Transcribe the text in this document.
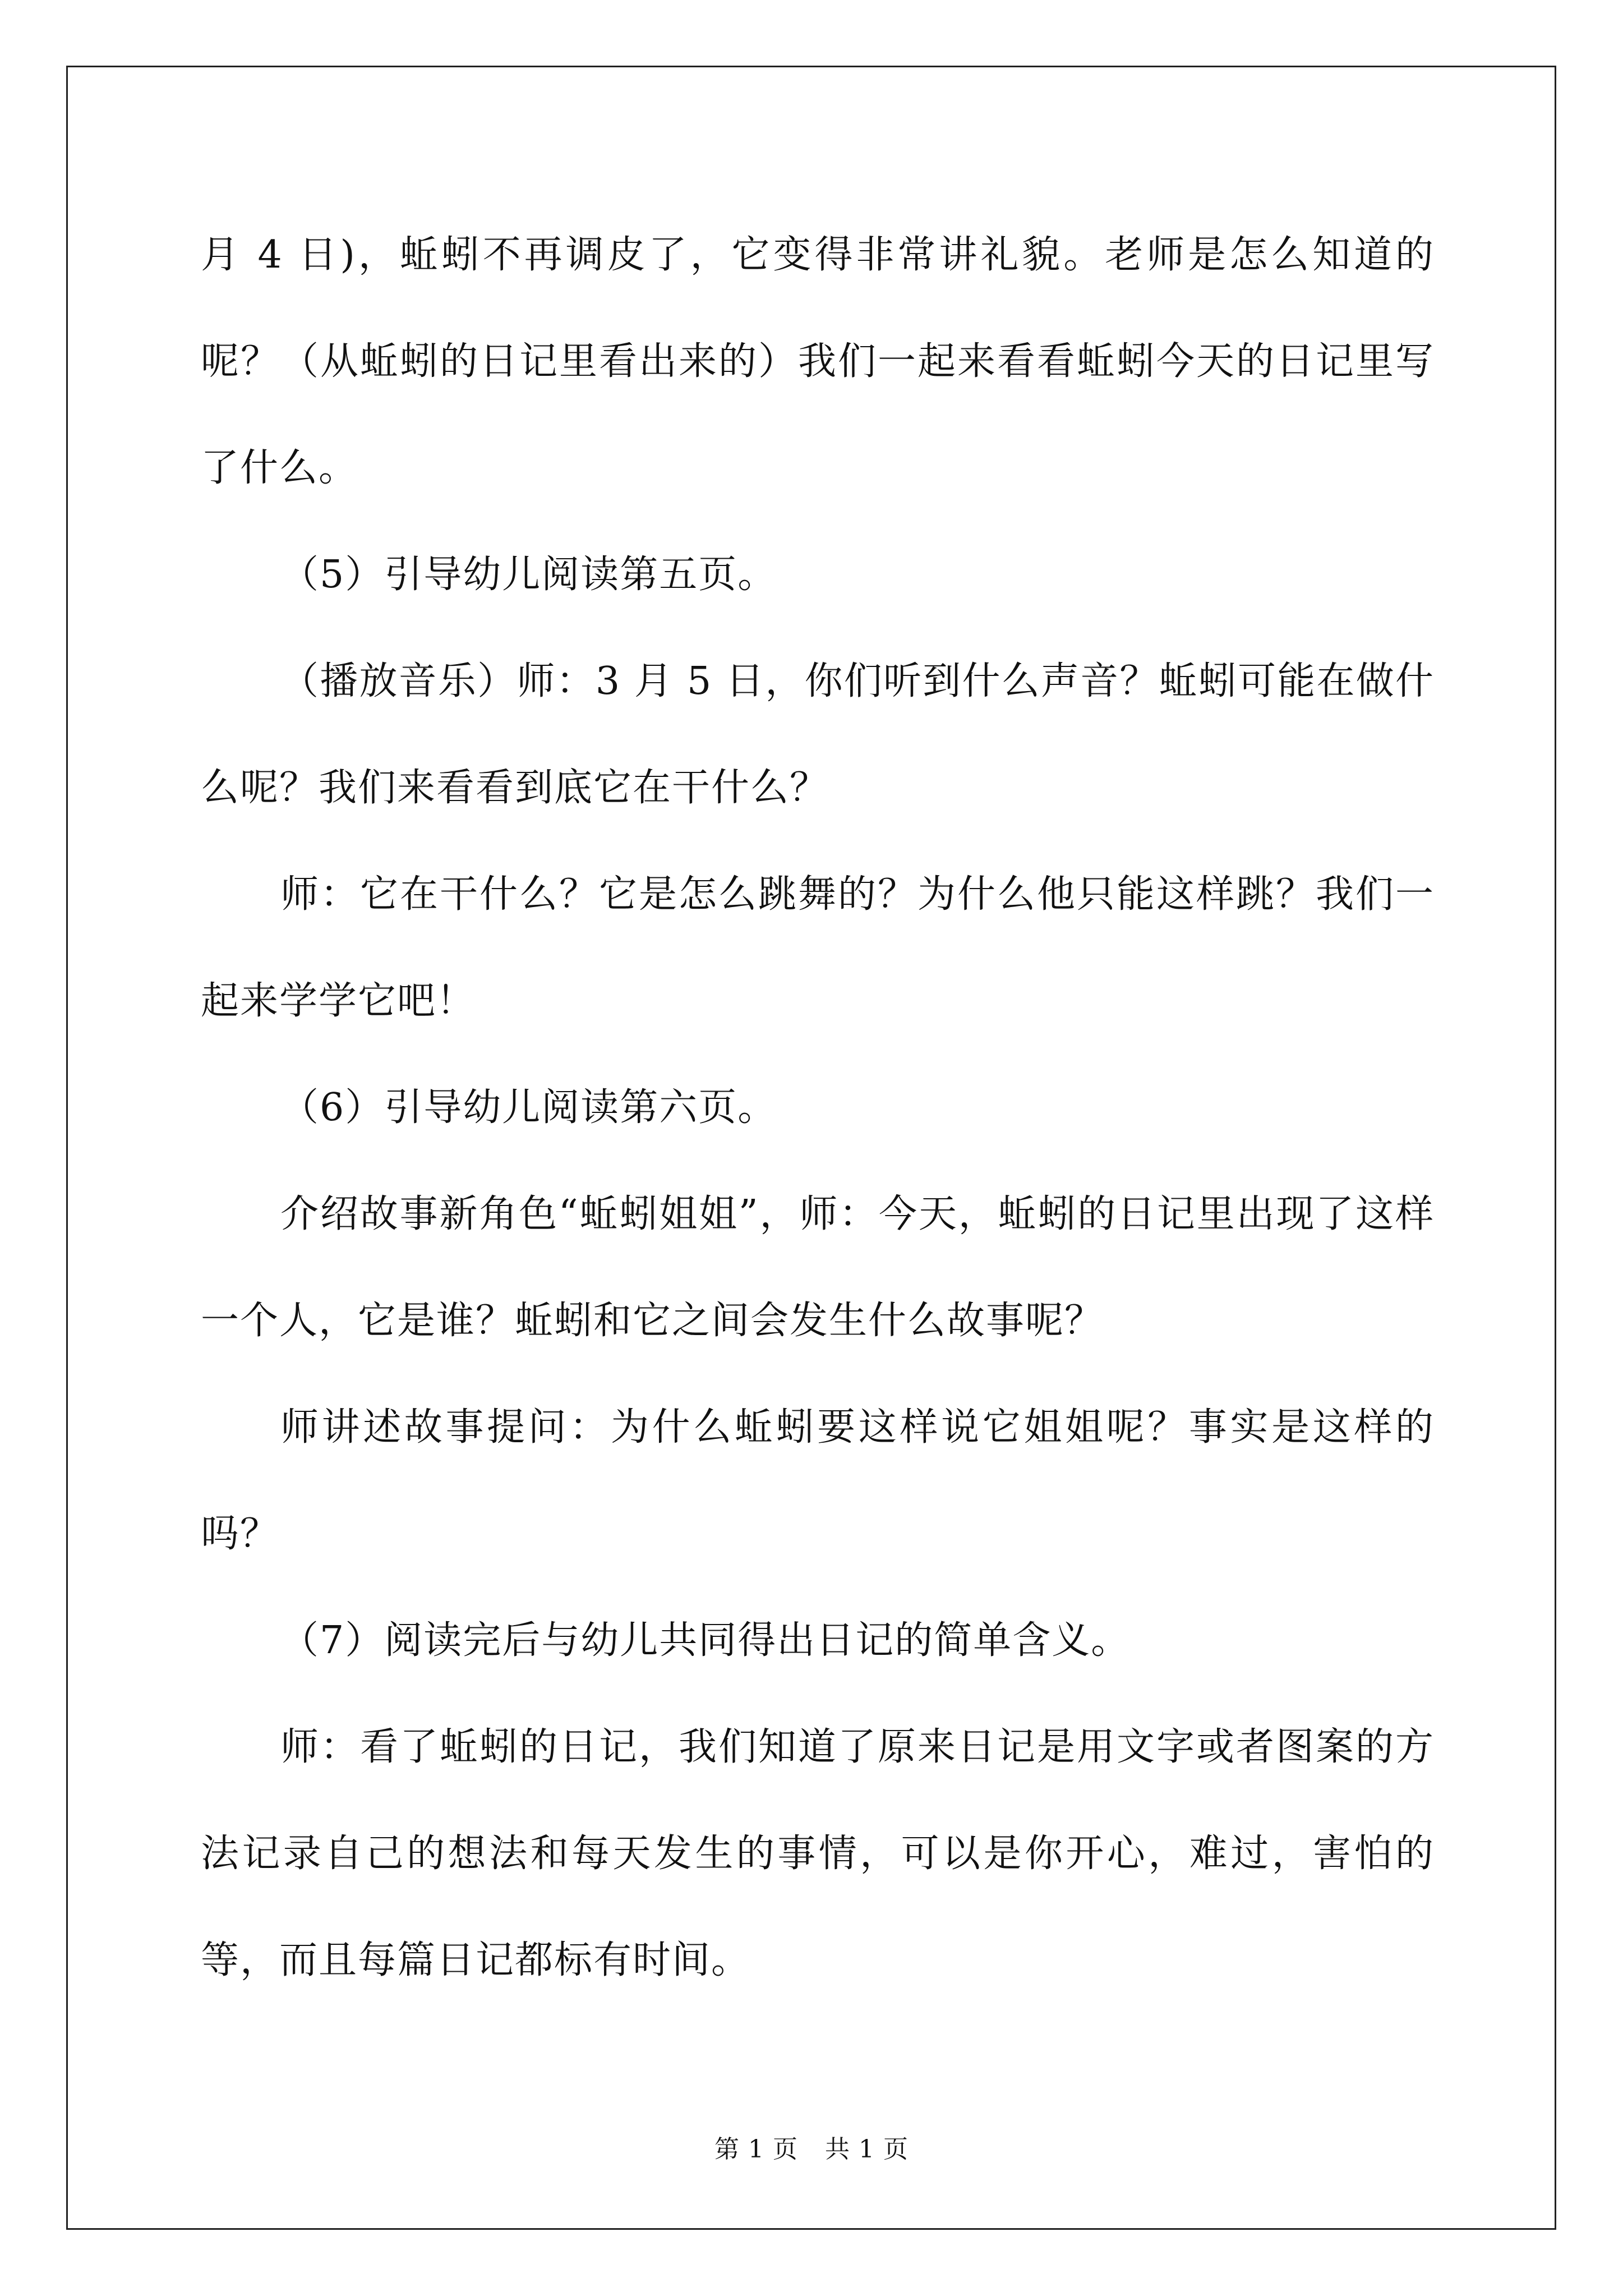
月 4 日)，蚯蚓不再调皮了，它变得非常讲礼貌。老师是怎么知道的呢？（从蚯蚓的日记里看出来的）我们一起来看看蚯蚓今天的日记里写了什么。

（5）引导幼儿阅读第五页。

（播放音乐）师：3 月 5 日，你们听到什么声音？蚯蚓可能在做什么呢？我们来看看到底它在干什么？

师：它在干什么？它是怎么跳舞的？为什么他只能这样跳？我们一起来学学它吧！

（6）引导幼儿阅读第六页。

介绍故事新角色“蚯蚓姐姐”，师：今天，蚯蚓的日记里出现了这样一个人，它是谁？蚯蚓和它之间会发生什么故事呢？

师讲述故事提问：为什么蚯蚓要这样说它姐姐呢？事实是这样的吗？

（7）阅读完后与幼儿共同得出日记的简单含义。

师：看了蚯蚓的日记，我们知道了原来日记是用文字或者图案的方法记录自己的想法和每天发生的事情，可以是你开心，难过，害怕的等，而且每篇日记都标有时间。

第 1 页 共 1 页
